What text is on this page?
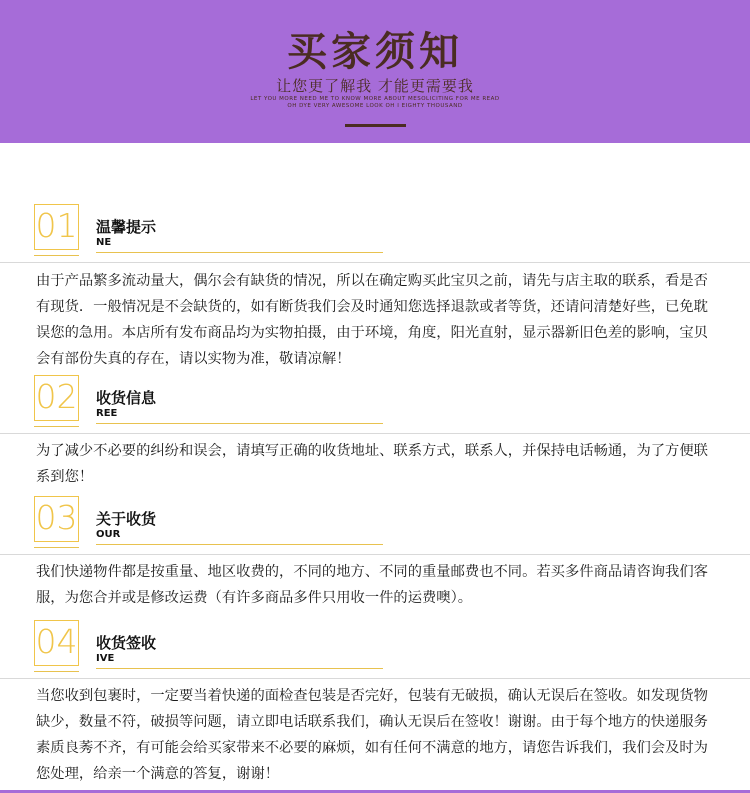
买家须知
让您更了解我 才能更需要我
LET YOU MORE NEED ME TO KNOW MORE ABOUT MESOLICITING FOR ME READ
OH DYE VERY AWESOME LOOK OH I EIGHTY THOUSAND
01 温馨提示
NE
由于产品繁多流动量大，偶尔会有缺货的情况，所以在确定购买此宝贝之前，请先与店主取的联系，看是否有现货．一般情况是不会缺货的，如有断货我们会及时通知您选择退款或者等货，还请问清楚好些，已免耽误您的急用。本店所有发布商品均为实物拍摄，由于环境，角度，阳光直射，显示器新旧色差的影响，宝贝会有部份失真的存在，请以实物为准，敬请凉解！
02 收货信息
REE
为了减少不必要的纠纷和误会，请填写正确的收货地址、联系方式，联系人，并保持电话畅通，为了方便联系到您！
03 关于收货
OUR
我们快递物件都是按重量、地区收费的，不同的地方、不同的重量邮费也不同。若买多件商品请咨询我们客服，为您合并或是修改运费（有许多商品多件只用收一件的运费噢）。
04 收货签收
IVE
当您收到包裹时，一定要当着快递的面检查包装是否完好，包装有无破损，确认无误后在签收。如发现货物缺少，数量不符，破损等问题，请立即电话联系我们，确认无误后在签收！谢谢。由于每个地方的快递服务素质良莠不齐，有可能会给买家带来不必要的麻烦，如有任何不满意的地方，请您告诉我们，我们会及时为您处理，给亲一个满意的答复，谢谢！
